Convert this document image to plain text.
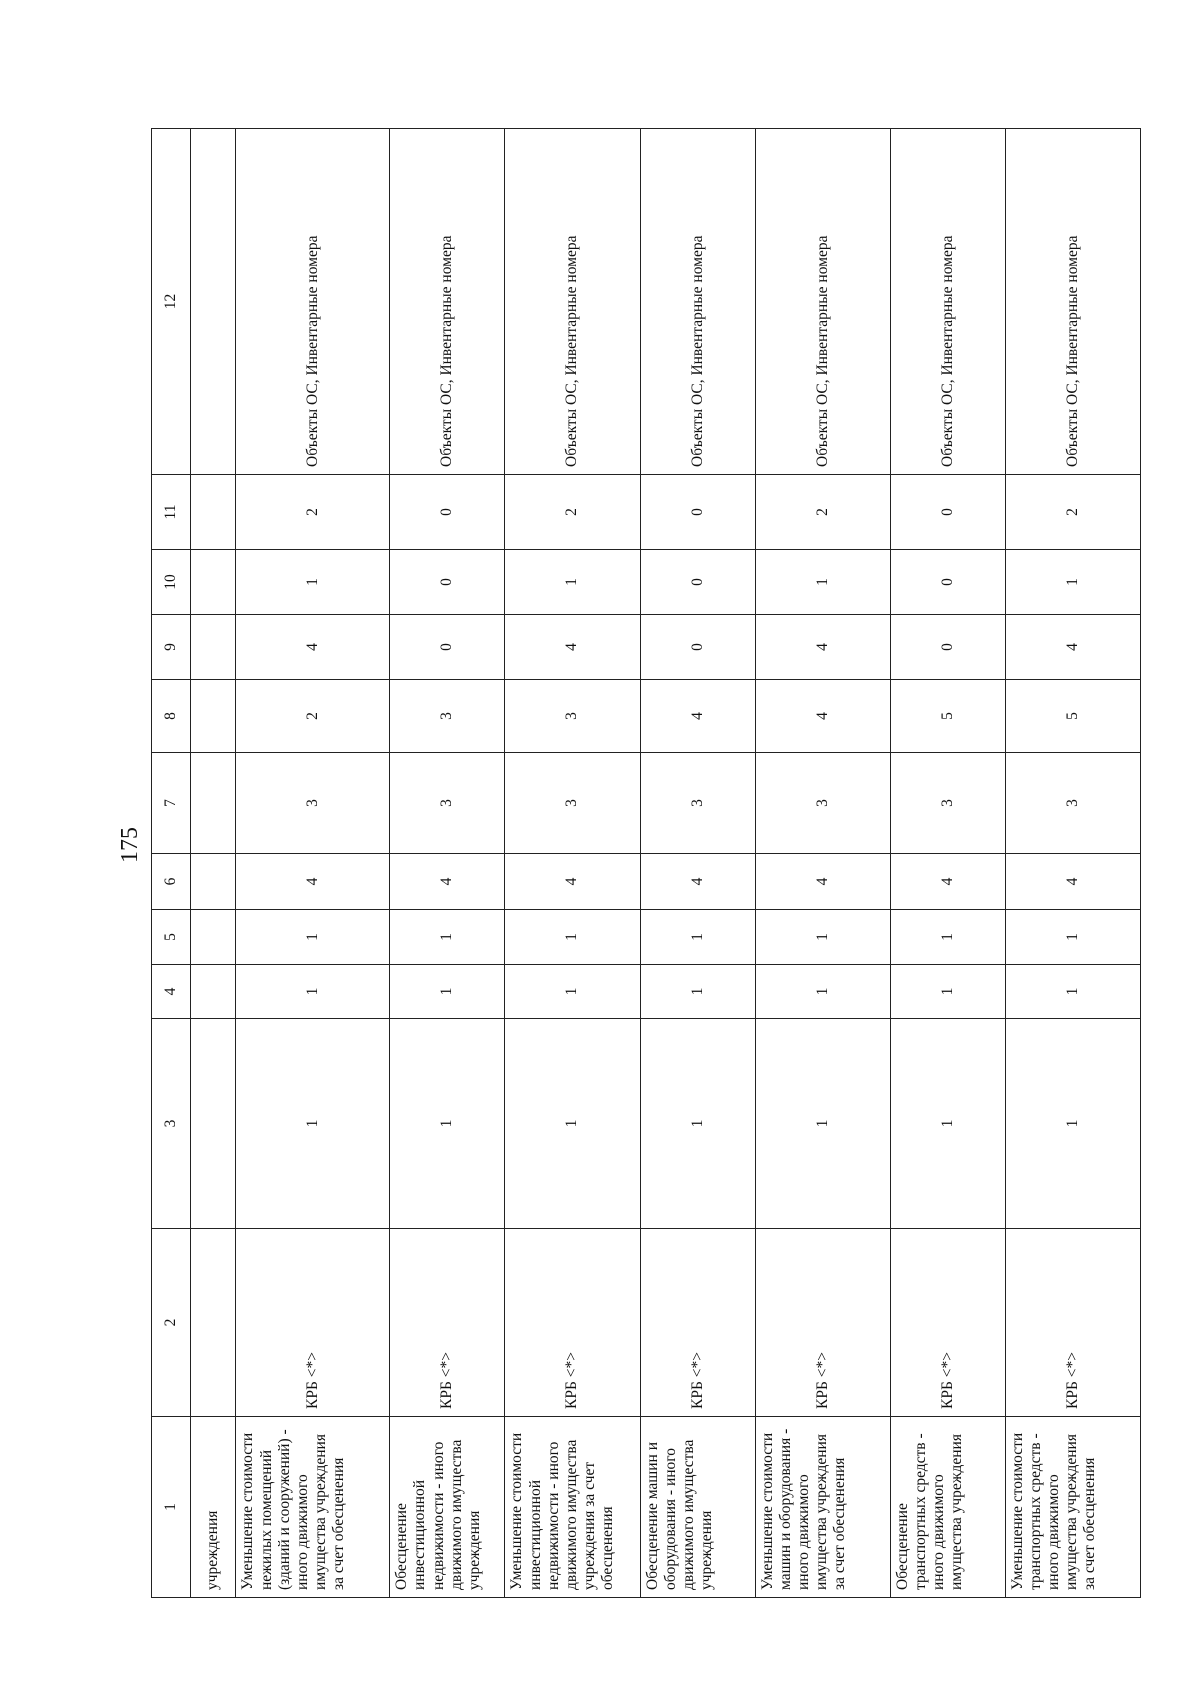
175
1	2	3	4	5	6	7	8	9	10	11	12
учреждения											
Уменьшение стоимости нежилых помещений (зданий и сооружений) - иного движимого имущества учреждения за счет обесценения	КРБ <*>	1	1	1	4	3	2	4	1	2	Объекты ОС, Инвентарные номера
Обесценение инвестиционной недвижимости - иного движимого имущества учреждения	КРБ <*>	1	1	1	4	3	3	0	0	0	Объекты ОС, Инвентарные номера
Уменьшение стоимости инвестиционной недвижимости - иного движимого имущества учреждения за счет обесценения	КРБ <*>	1	1	1	4	3	3	4	1	2	Объекты ОС, Инвентарные номера
Обесценение машин и оборудования - иного движимого имущества учреждения	КРБ <*>	1	1	1	4	3	4	0	0	0	Объекты ОС, Инвентарные номера
Уменьшение стоимости машин и оборудования - иного движимого имущества учреждения за счет обесценения	КРБ <*>	1	1	1	4	3	4	4	1	2	Объекты ОС, Инвентарные номера
Обесценение транспортных средств - иного движимого имущества учреждения	КРБ <*>	1	1	1	4	3	5	0	0	0	Объекты ОС, Инвентарные номера
Уменьшение стоимости транспортных средств - иного движимого имущества учреждения за счет обесценения	КРБ <*>	1	1	1	4	3	5	4	1	2	Объекты ОС, Инвентарные номера
